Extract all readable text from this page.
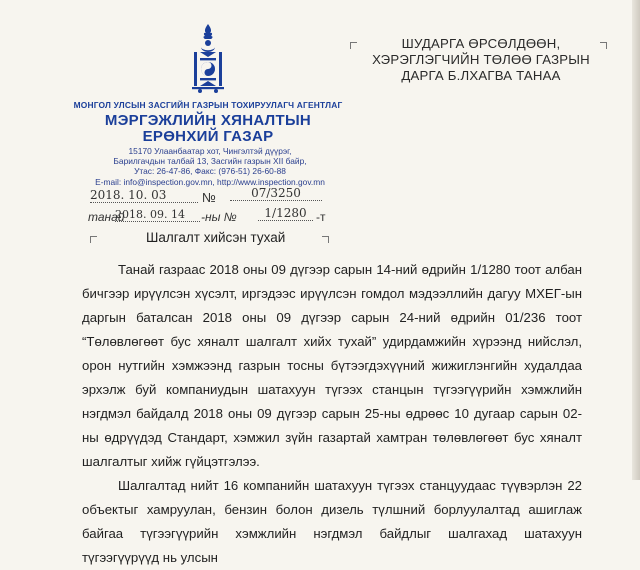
МОНГОЛ УЛСЫН ЗАСГИЙН ГАЗРЫН ТОХИРУУЛАГЧ АГЕНТЛАГ
МЭРГЭЖЛИЙН ХЯНАЛТЫН
ЕРӨНХИЙ ГАЗАР
15170 Улаанбаатар хот, Чингэлтэй дүүрэг,
Барилгачдын талбай 13, Засгийн газрын XII байр,
Утас: 26-47-86, Факс: (976-51) 26-60-88
E-mail: info@inspection.gov.mn, http://www.inspection.gov.mn
2018. 10. 03	№	07/3250
танай
2018. 09. 14	-ны №	1/1280 -т
Шалгалт хийсэн тухай
ШУДАРГА ӨРСӨЛДӨӨН,
ХЭРЭГЛЭГЧИЙН ТӨЛӨӨ ГАЗРЫН
ДАРГА Б.ЛХАГВА ТАНАА

Танай газраас 2018 оны 09 дүгээр сарын 14-ний өдрийн 1/1280 тоот албан бичгээр ирүүлсэн хүсэлт, иргэдээс ирүүлсэн гомдол мэдээллийн дагуу МХЕГ-ын даргын баталсан 2018 оны 09 дүгээр сарын 24-ний өдрийн 01/236 тоот “Төлөвлөгөөт бус хяналт шалгалт хийх тухай” удирдамжийн хүрээнд нийслэл, орон нутгийн хэмжээнд газрын тосны бүтээгдэхүүний жижиглэнгийн худалдаа эрхэлж буй компаниудын шатахуун түгээх станцын түгээгүүрийн хэмжлийн нэгдмэл байдалд 2018 оны 09 дүгээр сарын 25-ны өдрөөс 10 дугаар сарын 02-ны өдрүүдэд Стандарт, хэмжил зүйн газартай хамтран төлөвлөгөөт бус хяналт шалгалтыг хийж гүйцэтгэлээ.

Шалгалтад нийт 16 компанийн шатахуун түгээх станцуудаас түүвэрлэн 22 объектыг хамруулан, бензин болон дизель түлшний борлуулалтад ашиглаж байгаа түгээгүүрийн хэмжлийн нэгдмэл байдлыг шалгахад шатахуун түгээгүүрүүд нь улсын
